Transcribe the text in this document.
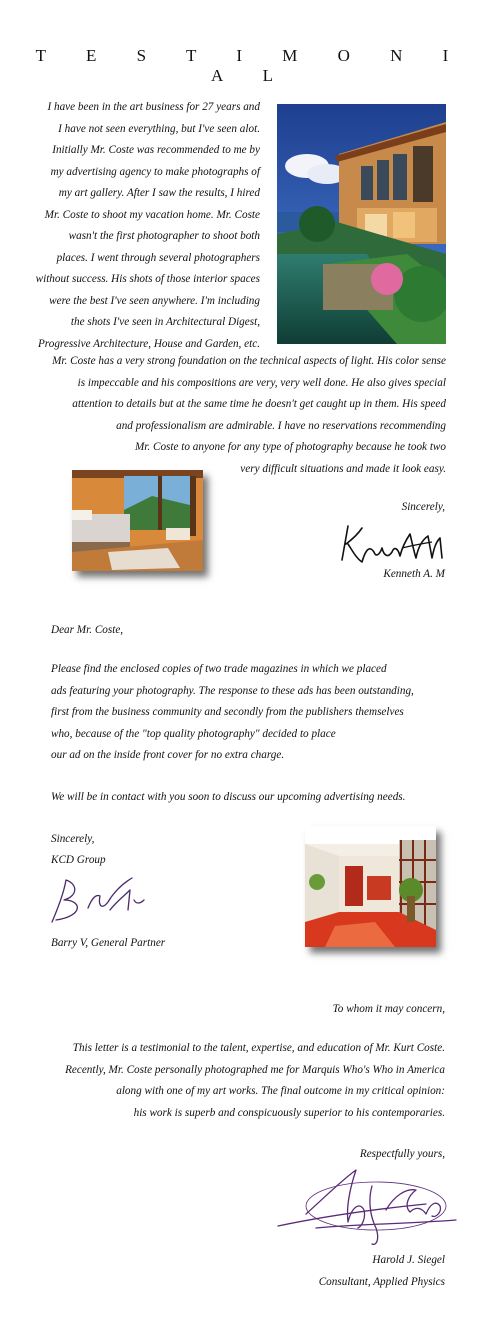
T E S T I M O N I A L
I have been in the art business for 27 years and
I have not seen everything, but I've seen alot.
Initially Mr. Coste was recommended to me by
my advertising agency to make photographs of
my art gallery. After I saw the results, I hired
Mr. Coste to shoot my vacation home. Mr. Coste
wasn't the first photographer to shoot both
places. I went through several photographers
without success. His shots of those interior spaces
were the best I've seen anywhere. I'm including
the shots I've seen in Architectural Digest,
Progressive Architecture, House and Garden, etc.
Mr. Coste has a very strong foundation on the technical aspects of light. His color sense
is impeccable and his compositions are very, very well done. He also gives special
attention to details but at the same time he doesn't get caught up in them. His speed
and professionalism are admirable. I have no reservations recommending
Mr. Coste to anyone for any type of photography because he took two
very difficult situations and made it look easy.
Sincerely,
Kenneth A. M
Dear Mr. Coste,
Please find the enclosed copies of two trade magazines in which we placed
ads featuring your photography. The response to these ads has been outstanding,
first from the business community and secondly from the publishers themselves
who, because of the "top quality photography" decided to place
our ad on the inside front cover for no extra charge.
We will be in contact with you soon to discuss our upcoming advertising needs.
Sincerely,
KCD Group
Barry V, General Partner
To whom it may concern,
This letter is a testimonial to the talent, expertise, and education of Mr. Kurt Coste.
Recently, Mr. Coste personally photographed me for Marquis Who's Who in America
along with one of my art works. The final outcome in my critical opinion:
his work is superb and conspicuously superior to his contemporaries.
Respectfully yours,
Harold J. Siegel
Consultant, Applied Physics
